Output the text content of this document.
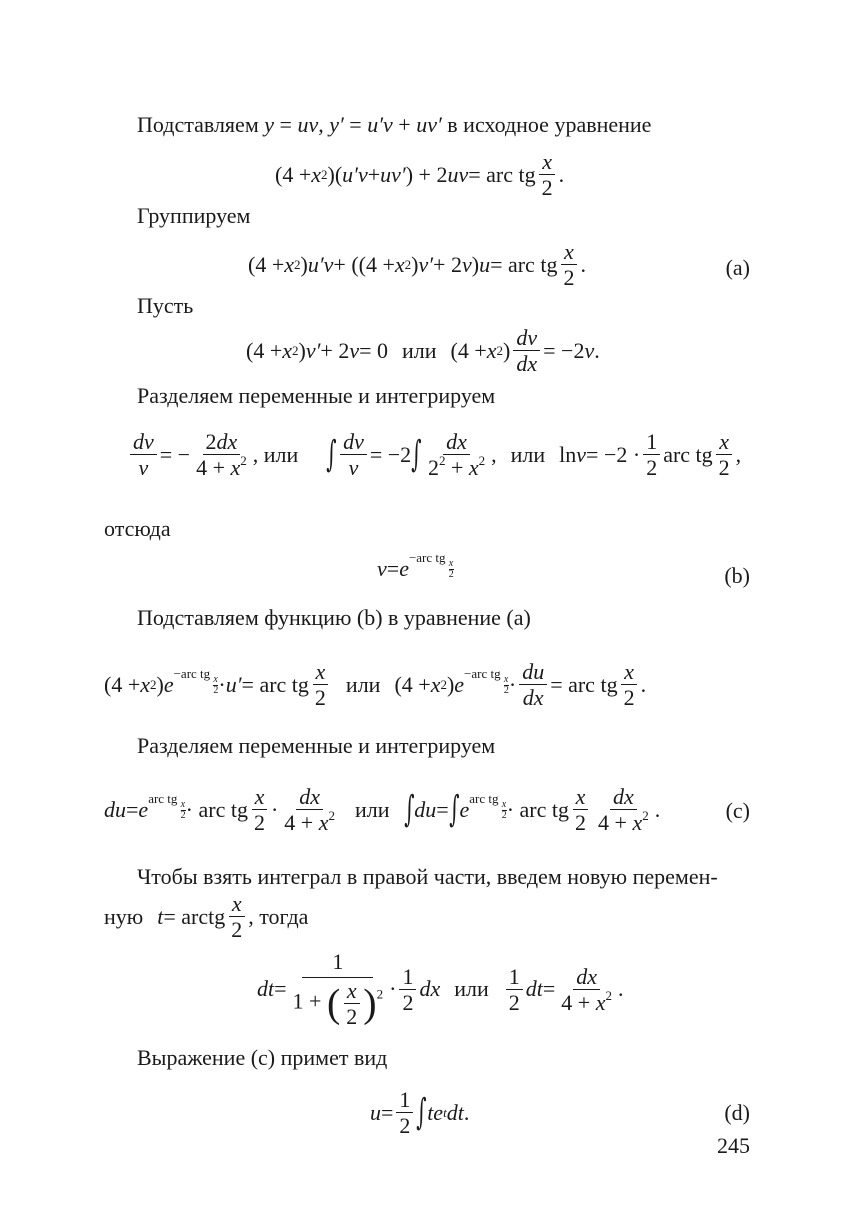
Подставляем y = uv, y′ = u′v + uv′ в исходное уравнение
(4 + x 2 )( u′v + uv′ ) + 2 uv = arc tg $\frac{x}{2}$ .
Группируем
(4 + x 2 ) u′v + ((4 + x 2 ) v′ + 2 v ) u = arc tg $\frac{x}{2}$ .	(a)
Пусть
(4 + x 2 ) v′ + 2 v = 0 или (4 + x 2 ) $\frac{dv}{dx} = -2$ v .
Разделяем переменные и интегрируем
$\frac{dv}{v}$ = − $\frac{2dx}{4 + x^2}$ , или ∫ $\frac{dv}{v} = -2$ ∫ $\frac{dx}{2^2 + x^2}$ , или $\ln v = -2 \cdot \frac{1}{2}$ arc tg $\frac{x}{2}$ ,
отсюда
v = e −arc tg
$\frac{x}{2}$	(b)
Подставляем функцию (b) в уравнение (a)
(4 + x 2 ) e −arc tg
$\frac{x}{2} \cdot u'$ = arc tg $\frac{x}{2}$ или (4 + x 2 ) e −arc tg
$\frac{x}{2} \cdot \frac{du}{dx}$ = arc tg $\frac{x}{2}$ .
Разделяем переменные и интегрируем
du = e arc tg
$\frac{x}{2}$ · arc tg $\frac{x}{2} \cdot \frac{dx}{4 + x^2}$ или ∫ du = ∫ e arc tg
$\frac{x}{2}$ · arc tg $\frac{x}{2} \frac{dx}{4 + x^2}$ .	(c)
Чтобы взять интеграл в правой части, введем новую перемен-
ную t = arctg $\frac{x}{2}$ , тогда
dt = $\frac{1}{1 + ( \frac{x}{2} )^2} \cdot \frac{1}{2}$ dx или $\frac{1}{2}$ dt = $\frac{dx}{4 + x^2}$ .
Выражение (c) примет вид
$u = \frac{1}{2}$ ∫ te t dt .	(d)
245
